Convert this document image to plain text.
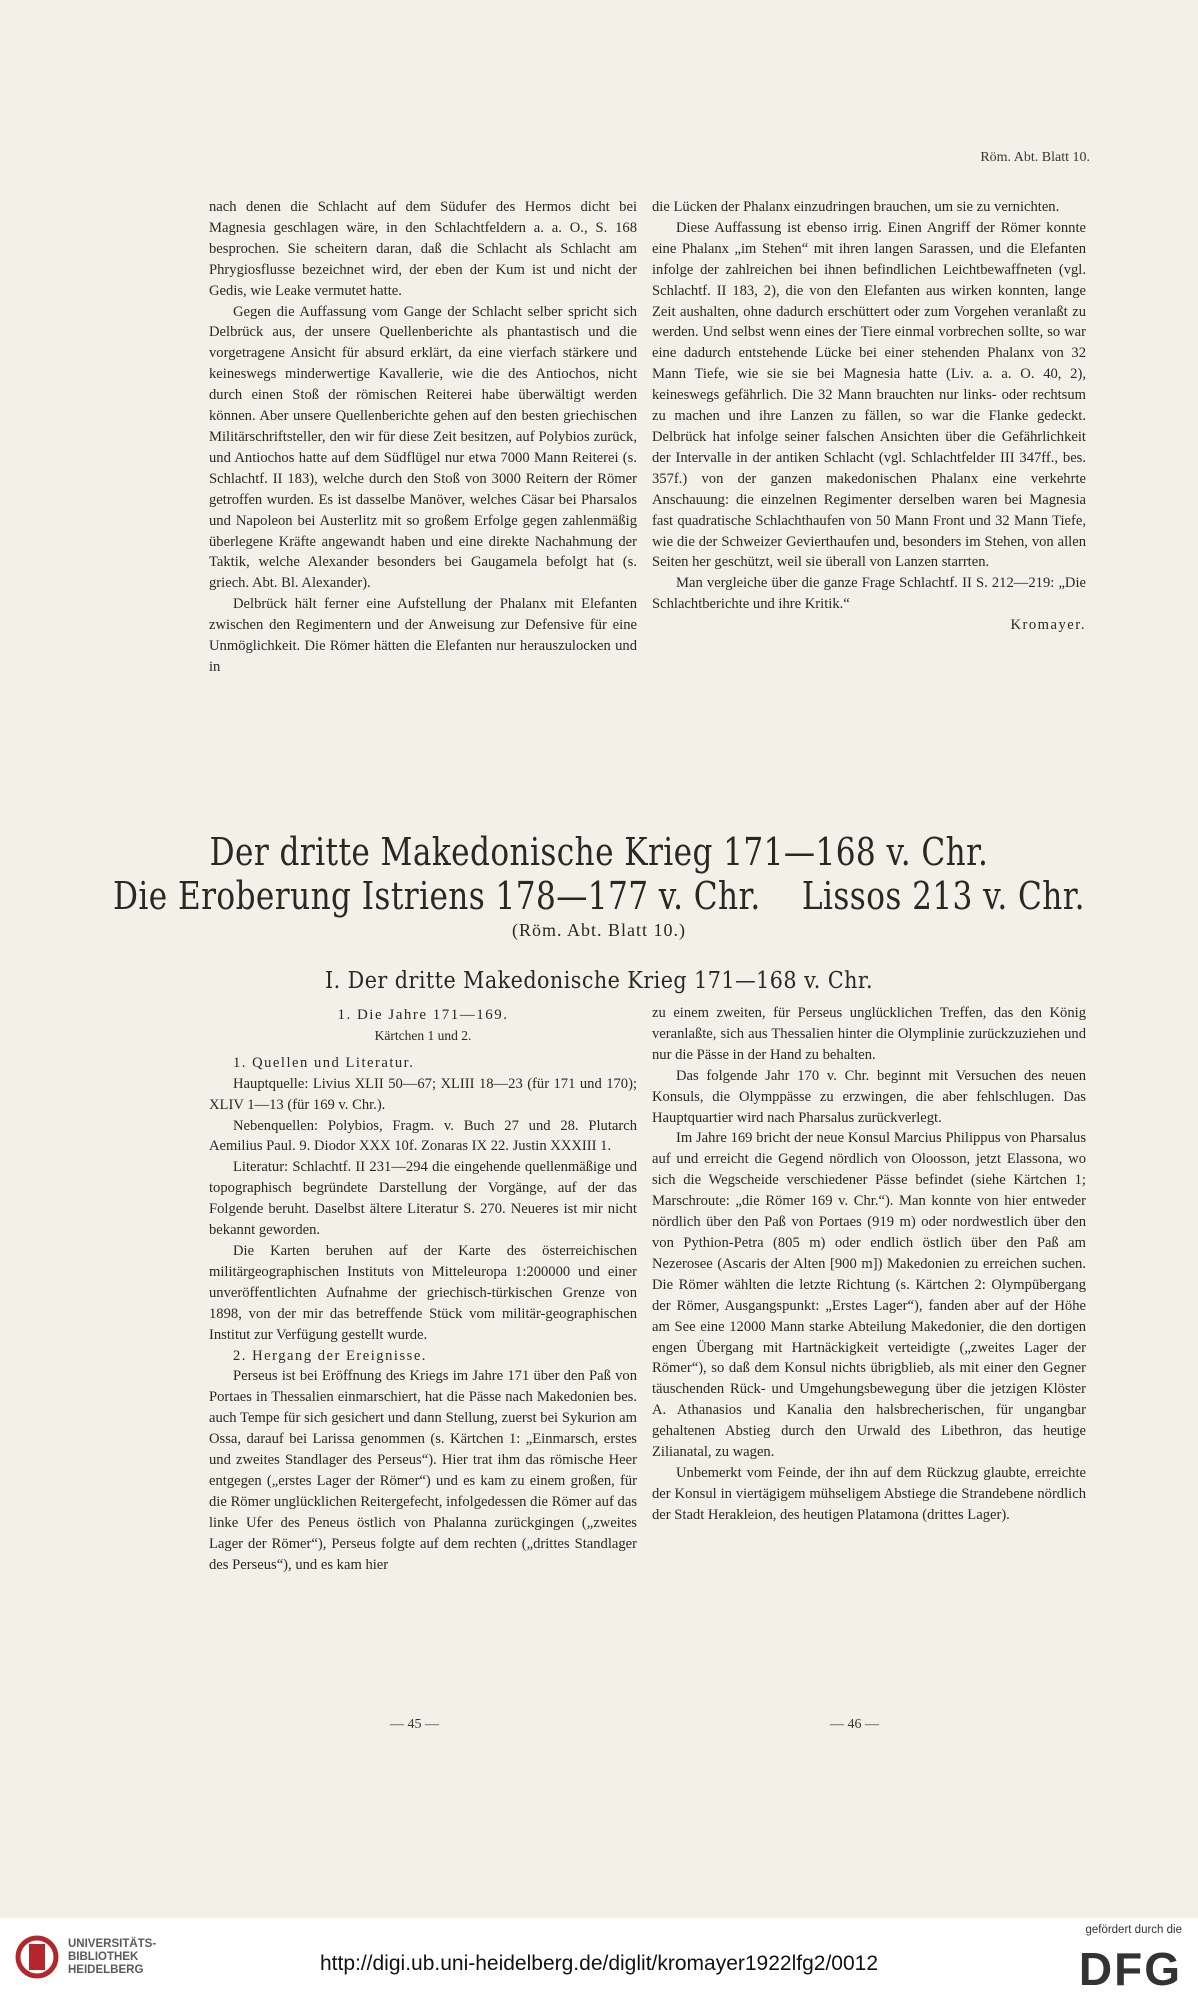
Röm. Abt. Blatt 10.

nach denen die Schlacht auf dem Südufer des Hermos dicht bei Magnesia geschlagen wäre, in den Schlachtfeldern a. a. O., S. 168 besprochen. Sie scheitern daran, daß die Schlacht als Schlacht am Phrygiosflusse bezeichnet wird, der eben der Kum ist und nicht der Gedis, wie Leake vermutet hatte.

Gegen die Auffassung vom Gange der Schlacht selber spricht sich Delbrück aus, der unsere Quellenberichte als phantastisch und die vorgetragene Ansicht für absurd erklärt, da eine vierfach stärkere und keineswegs minderwertige Kavallerie, wie die des Antiochos, nicht durch einen Stoß der römischen Reiterei habe überwältigt werden können. Aber unsere Quellenberichte gehen auf den besten griechischen Militärschriftsteller, den wir für diese Zeit besitzen, auf Polybios zurück, und Antiochos hatte auf dem Südflügel nur etwa 7000 Mann Reiterei (s. Schlachtf. II 183), welche durch den Stoß von 3000 Reitern der Römer getroffen wurden. Es ist dasselbe Manöver, welches Cäsar bei Pharsalos und Napoleon bei Austerlitz mit so großem Erfolge gegen zahlenmäßig überlegene Kräfte angewandt haben und eine direkte Nachahmung der Taktik, welche Alexander besonders bei Gaugamela befolgt hat (s. griech. Abt. Bl. Alexander).

Delbrück hält ferner eine Aufstellung der Phalanx mit Elefanten zwischen den Regimentern und der Anweisung zur Defensive für eine Unmöglichkeit. Die Römer hätten die Elefanten nur herauszulocken und in

die Lücken der Phalanx einzudringen brauchen, um sie zu vernichten.

Diese Auffassung ist ebenso irrig. Einen Angriff der Römer konnte eine Phalanx „im Stehen“ mit ihren langen Sarassen, und die Elefanten infolge der zahlreichen bei ihnen befindlichen Leichtbewaffneten (vgl. Schlachtf. II 183, 2), die von den Elefanten aus wirken konnten, lange Zeit aushalten, ohne dadurch erschüttert oder zum Vorgehen veranlaßt zu werden. Und selbst wenn eines der Tiere einmal vorbrechen sollte, so war eine dadurch entstehende Lücke bei einer stehenden Phalanx von 32 Mann Tiefe, wie sie sie bei Magnesia hatte (Liv. a. a. O. 40, 2), keineswegs gefährlich. Die 32 Mann brauchten nur links- oder rechtsum zu machen und ihre Lanzen zu fällen, so war die Flanke gedeckt. Delbrück hat infolge seiner falschen Ansichten über die Gefährlichkeit der Intervalle in der antiken Schlacht (vgl. Schlachtfelder III 347ff., bes. 357f.) von der ganzen makedonischen Phalanx eine verkehrte Anschauung: die einzelnen Regimenter derselben waren bei Magnesia fast quadratische Schlachthaufen von 50 Mann Front und 32 Mann Tiefe, wie die der Schweizer Gevierthaufen und, besonders im Stehen, von allen Seiten her geschützt, weil sie überall von Lanzen starrten.

Man vergleiche über die ganze Frage Schlachtf. II S. 212—219: „Die Schlachtberichte und ihre Kritik.“

Kromayer.

Der dritte Makedonische Krieg 171—168 v. Chr.
Die Eroberung Istriens 178—177 v. Chr.    Lissos 213 v. Chr.
(Röm. Abt. Blatt 10.)
I. Der dritte Makedonische Krieg 171—168 v. Chr.

1. Die Jahre 171—169.

Kärtchen 1 und 2.

1. Quellen und Literatur.

Hauptquelle: Livius XLII 50—67; XLIII 18—23 (für 171 und 170); XLIV 1—13 (für 169 v. Chr.).

Nebenquellen: Polybios, Fragm. v. Buch 27 und 28. Plutarch Aemilius Paul. 9. Diodor XXX 10f. Zonaras IX 22. Justin XXXIII 1.

Literatur: Schlachtf. II 231—294 die eingehende quellenmäßige und topographisch begründete Darstellung der Vorgänge, auf der das Folgende beruht. Daselbst ältere Literatur S. 270. Neueres ist mir nicht bekannt geworden.

Die Karten beruhen auf der Karte des österreichischen militärgeographischen Instituts von Mitteleuropa 1:200000 und einer unveröffentlichten Aufnahme der griechisch-türkischen Grenze von 1898, von der mir das betreffende Stück vom militär-geographischen Institut zur Verfügung gestellt wurde.

2. Hergang der Ereignisse.

Perseus ist bei Eröffnung des Kriegs im Jahre 171 über den Paß von Portaes in Thessalien einmarschiert, hat die Pässe nach Makedonien bes. auch Tempe für sich gesichert und dann Stellung, zuerst bei Sykurion am Ossa, darauf bei Larissa genommen (s. Kärtchen 1: „Einmarsch, erstes und zweites Standlager des Perseus“). Hier trat ihm das römische Heer entgegen („erstes Lager der Römer“) und es kam zu einem großen, für die Römer unglücklichen Reitergefecht, infolgedessen die Römer auf das linke Ufer des Peneus östlich von Phalanna zurückgingen („zweites Lager der Römer“), Perseus folgte auf dem rechten („drittes Standlager des Perseus“), und es kam hier

zu einem zweiten, für Perseus unglücklichen Treffen, das den König veranlaßte, sich aus Thessalien hinter die Olymplinie zurückzuziehen und nur die Pässe in der Hand zu behalten.

Das folgende Jahr 170 v. Chr. beginnt mit Versuchen des neuen Konsuls, die Olymppässe zu erzwingen, die aber fehlschlugen. Das Hauptquartier wird nach Pharsalus zurückverlegt.

Im Jahre 169 bricht der neue Konsul Marcius Philippus von Pharsalus auf und erreicht die Gegend nördlich von Oloosson, jetzt Elassona, wo sich die Wegscheide verschiedener Pässe befindet (siehe Kärtchen 1; Marschroute: „die Römer 169 v. Chr.“). Man konnte von hier entweder nördlich über den Paß von Portaes (919 m) oder nordwestlich über den von Pythion-Petra (805 m) oder endlich östlich über den Paß am Nezerosee (Ascaris der Alten [900 m]) Makedonien zu erreichen suchen. Die Römer wählten die letzte Richtung (s. Kärtchen 2: Olympübergang der Römer, Ausgangspunkt: „Erstes Lager“), fanden aber auf der Höhe am See eine 12000 Mann starke Abteilung Makedonier, die den dortigen engen Übergang mit Hartnäckigkeit verteidigte („zweites Lager der Römer“), so daß dem Konsul nichts übrigblieb, als mit einer den Gegner täuschenden Rück- und Umgehungsbewegung über die jetzigen Klöster A. Athanasios und Kanalia den halsbrecherischen, für ungangbar gehaltenen Abstieg durch den Urwald des Libethron, das heutige Zilianatal, zu wagen.

Unbemerkt vom Feinde, der ihn auf dem Rückzug glaubte, erreichte der Konsul in viertägigem mühseligem Abstiege die Strandebene nördlich der Stadt Herakleion, des heutigen Platamona (drittes Lager).

— 45 —	— 46 —
UNIVERSITÄTS-
BIBLIOTHEK
HEIDELBERG	http://digi.ub.uni-heidelberg.de/diglit/kromayer1922lfg2/0012
gefördert durch die
DFG
